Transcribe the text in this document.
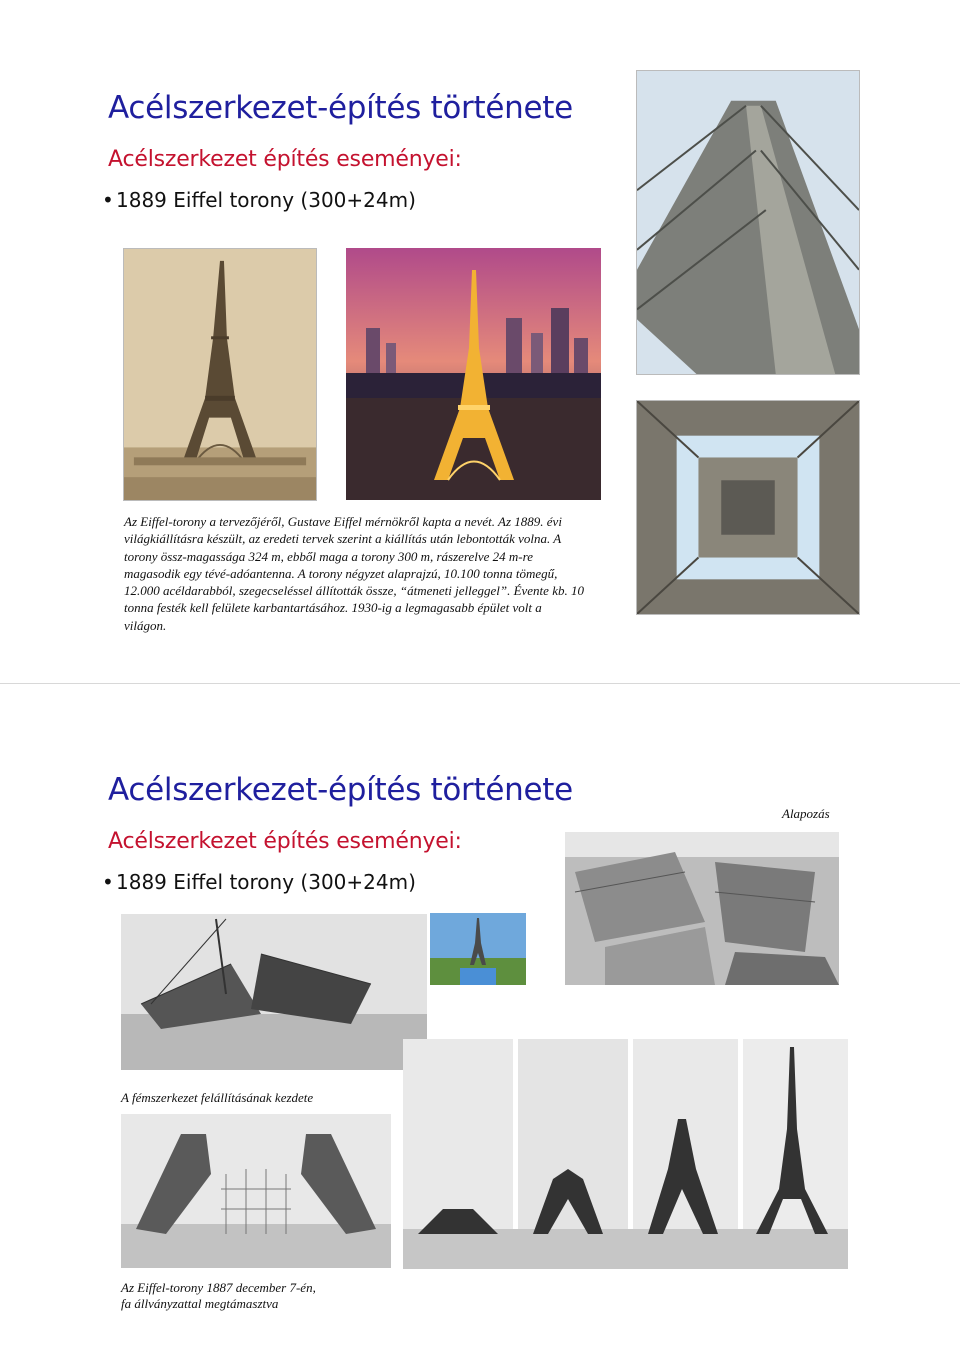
Acélszerkezet-építés története
Acélszerkezet építés eseményei:
• 1889 Eiffel torony (300+24m)
Az Eiffel-torony a tervezőjéről, Gustave Eiffel mérnökről kapta a nevét. Az 1889. évi
világkiállításra készült, az eredeti tervek szerint a kiállítás után lebontották volna. A
torony össz-magassága 324 m, ebből maga a torony 300 m, rászerelve 24 m-re
magasodik egy tévé-adóantenna. A torony négyzet alaprajzú, 10.100 tonna tömegű,
12.000 acéldarabból, szegecseléssel állították össze, “átmeneti jelleggel”. Évente kb. 10
tonna festék kell felülete karbantartásához. 1930-ig a legmagasabb épület volt a
világon.
Acélszerkezet-építés története
Acélszerkezet építés eseményei:
• 1889 Eiffel torony (300+24m)
Alapozás
A fémszerkezet felállításának kezdete
Az Eiffel-torony 1887 december 7-én,
fa állványzattal megtámasztva
